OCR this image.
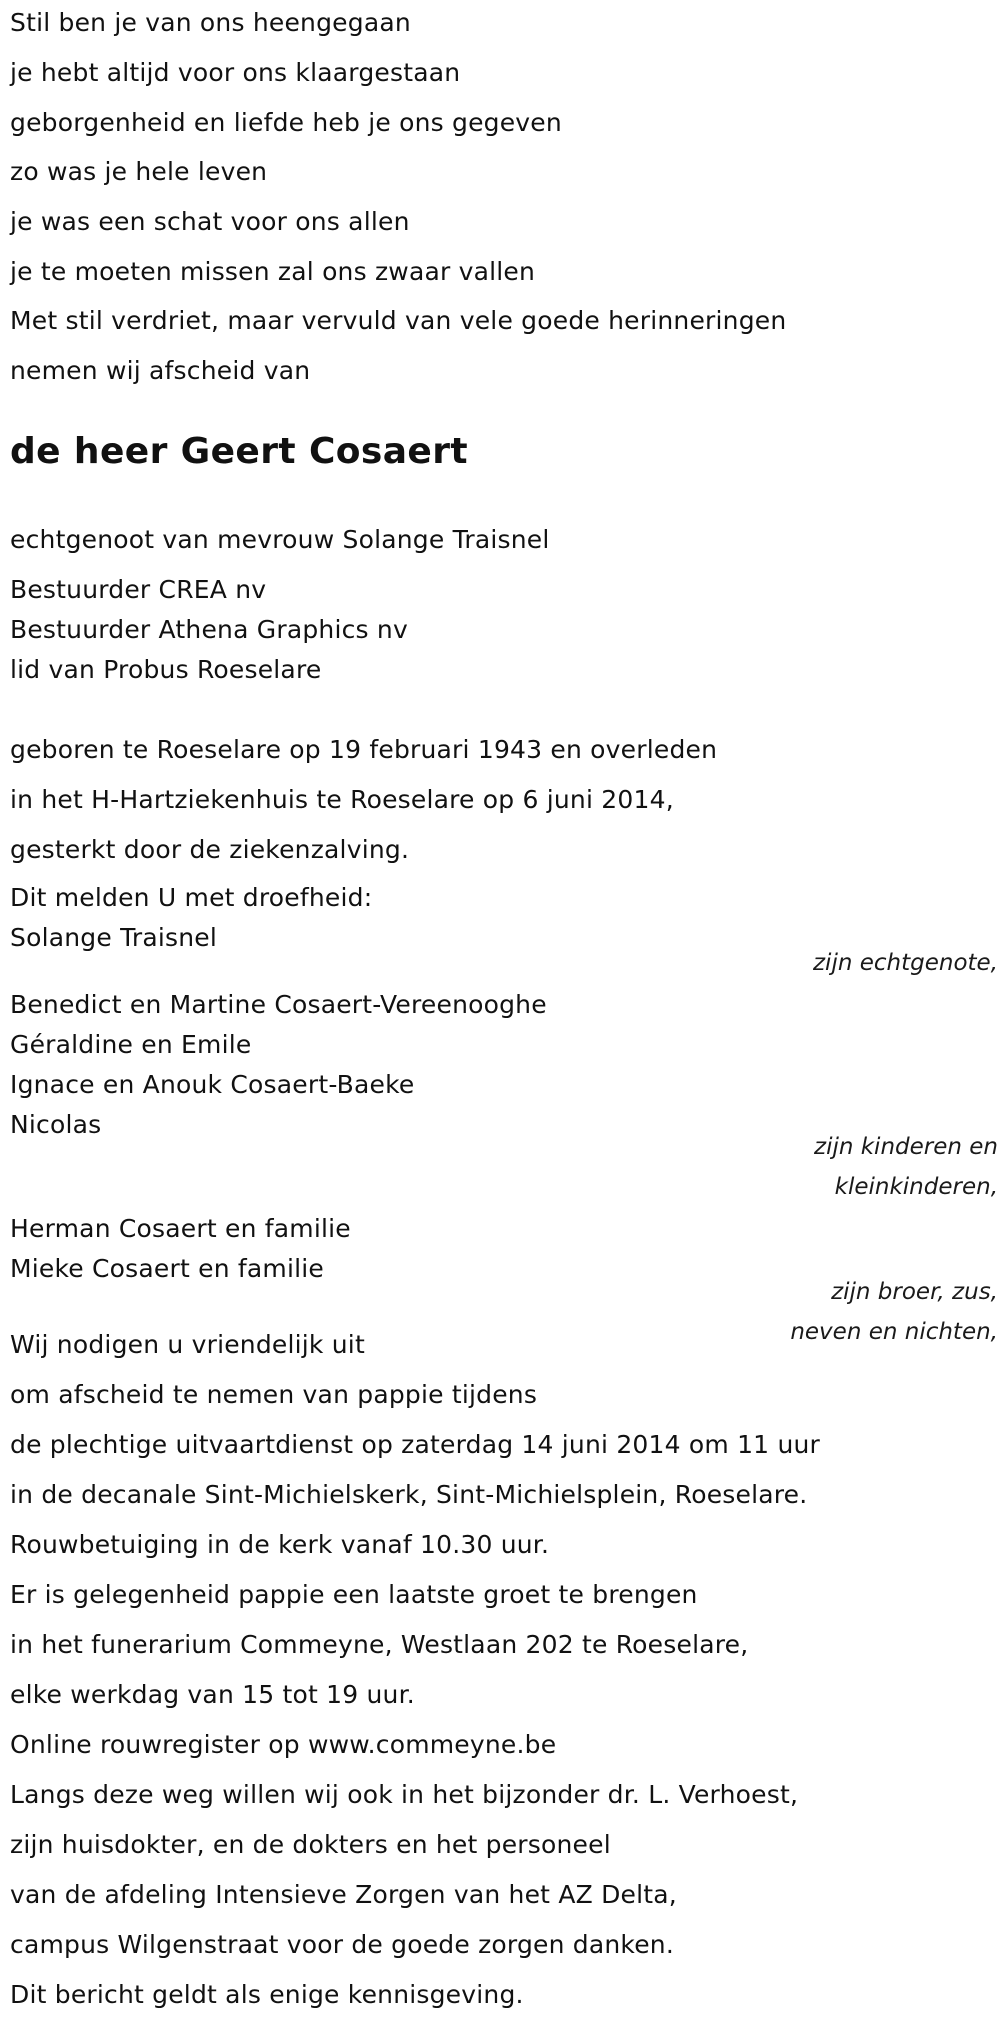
Stil ben je van ons heengegaan
je hebt altijd voor ons klaargestaan
geborgenheid en liefde heb je ons gegeven
zo was je hele leven
je was een schat voor ons allen
je te moeten missen zal ons zwaar vallen
Met stil verdriet, maar vervuld van vele goede herinneringen
nemen wij afscheid van
de heer Geert Cosaert
echtgenoot van mevrouw Solange Traisnel
Bestuurder CREA nv
Bestuurder Athena Graphics nv
lid van Probus Roeselare
geboren te Roeselare op 19 februari 1943 en overleden
in het H-Hartziekenhuis te Roeselare op 6 juni 2014,
gesterkt door de ziekenzalving.
Dit melden U met droefheid:
Solange Traisnel
zijn echtgenote,
Benedict en Martine Cosaert-Vereenooghe
Géraldine en Emile
Ignace en Anouk Cosaert-Baeke
Nicolas
zijn kinderen en
kleinkinderen,
Herman Cosaert en familie
Mieke Cosaert en familie
zijn broer, zus,
neven en nichten,
Wij nodigen u vriendelijk uit
om afscheid te nemen van pappie tijdens
de plechtige uitvaartdienst op zaterdag 14 juni 2014 om 11 uur
in de decanale Sint-Michielskerk, Sint-Michielsplein, Roeselare.
Rouwbetuiging in de kerk vanaf 10.30 uur.
Er is gelegenheid pappie een laatste groet te brengen
in het funerarium Commeyne, Westlaan 202 te Roeselare,
elke werkdag van 15 tot 19 uur.
Online rouwregister op www.commeyne.be
Langs deze weg willen wij ook in het bijzonder dr. L. Verhoest,
zijn huisdokter, en de dokters en het personeel
van de afdeling Intensieve Zorgen van het AZ Delta,
campus Wilgenstraat voor de goede zorgen danken.
Dit bericht geldt als enige kennisgeving.
